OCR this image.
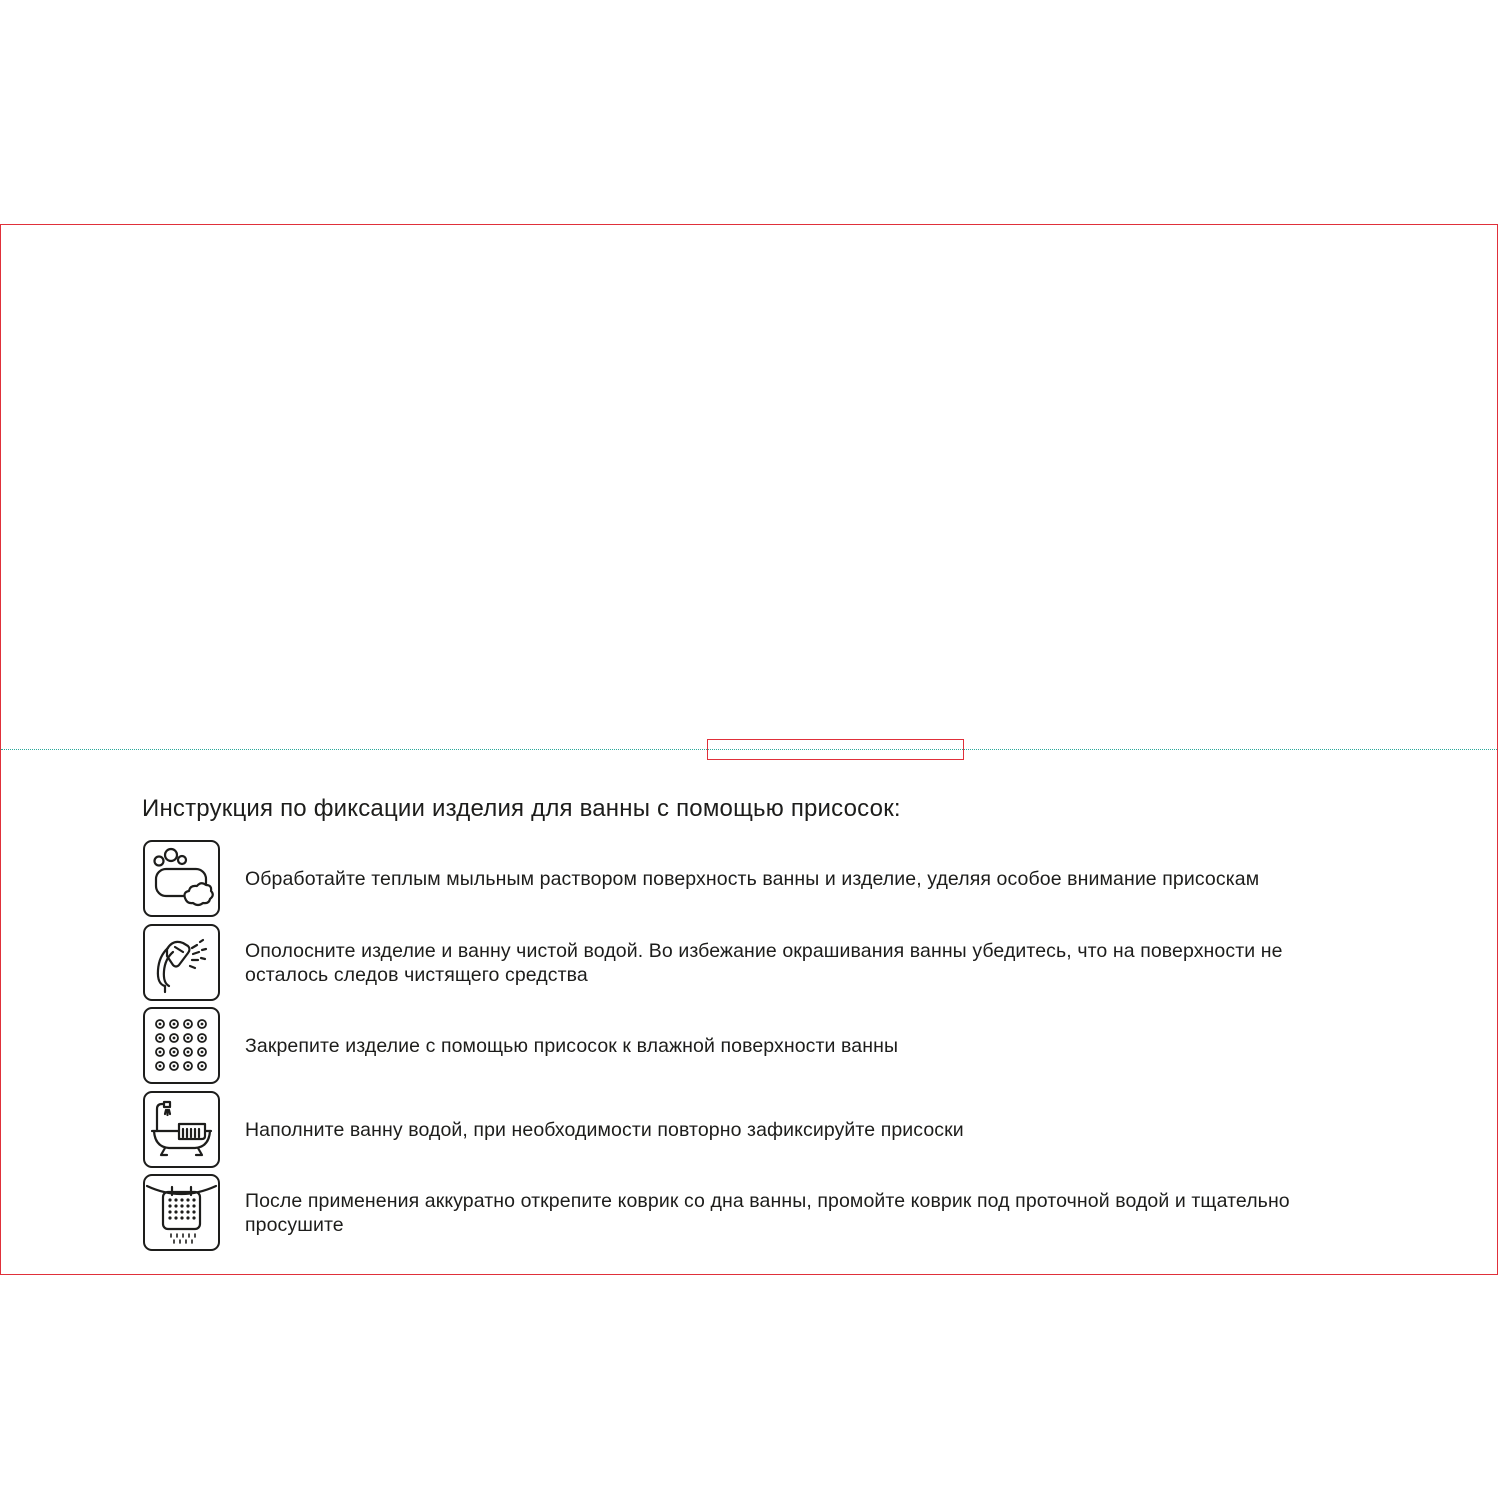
Инструкция по фиксации изделия для ванны с помощью присосок:
Обработайте теплым мыльным раствором поверхность ванны и изделие, уделяя особое внимание присоскам
Ополосните изделие и ванну чистой водой. Во избежание окрашивания ванны убедитесь, что на поверхности не осталось следов чистящего средства
Закрепите изделие с помощью присосок к влажной поверхности ванны
Наполните ванну водой, при необходимости повторно зафиксируйте присоски
После применения аккуратно открепите коврик со дна ванны, промойте коврик под проточной водой и тщательно просушите
